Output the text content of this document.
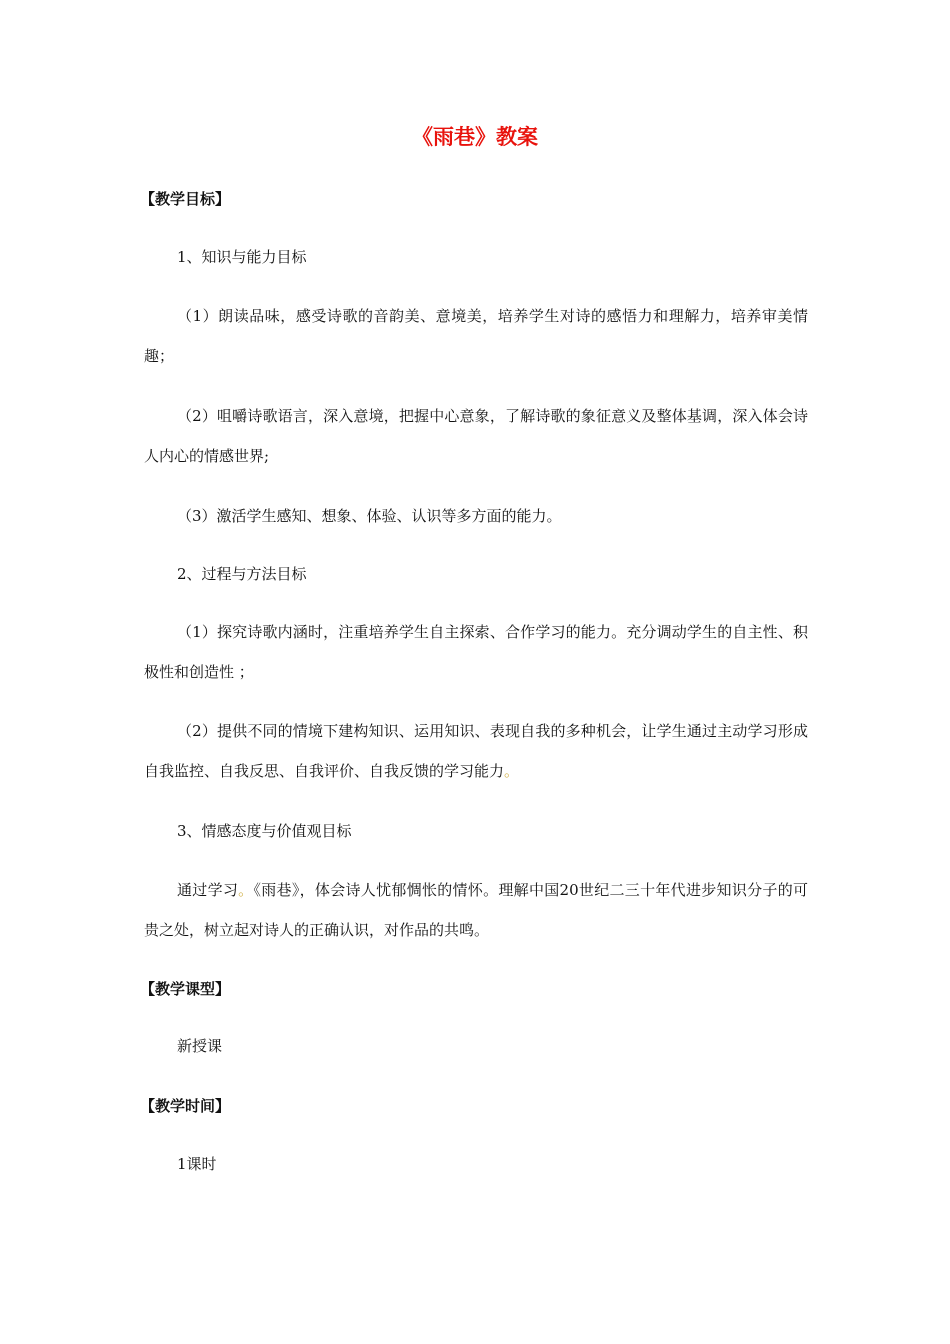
《雨巷》教案
【教学目标】
1、知识与能力目标
（1）朗读品味，感受诗歌的音韵美、意境美，培养学生对诗的感悟力和理解力，培养审美情趣；
（2）咀嚼诗歌语言，深入意境，把握中心意象，了解诗歌的象征意义及整体基调，深入体会诗人内心的情感世界;
（3）激活学生感知、想象、体验、认识等多方面的能力。
2、过程与方法目标
（1）探究诗歌内涵时，注重培养学生自主探索、合作学习的能力。充分调动学生的自主性、积极性和创造性 ；
（2）提供不同的情境下建构知识、运用知识、表现自我的多种机会，让学生通过主动学习形成自我监控、自我反思、自我评价、自我反馈的学习能力。
3、情感态度与价值观目标
通过学习。《雨巷》，体会诗人忧郁惆怅的情怀。理解中国20世纪二三十年代进步知识分子的可贵之处，树立起对诗人的正确认识，对作品的共鸣。
【教学课型】
新授课
【教学时间】
1课时
